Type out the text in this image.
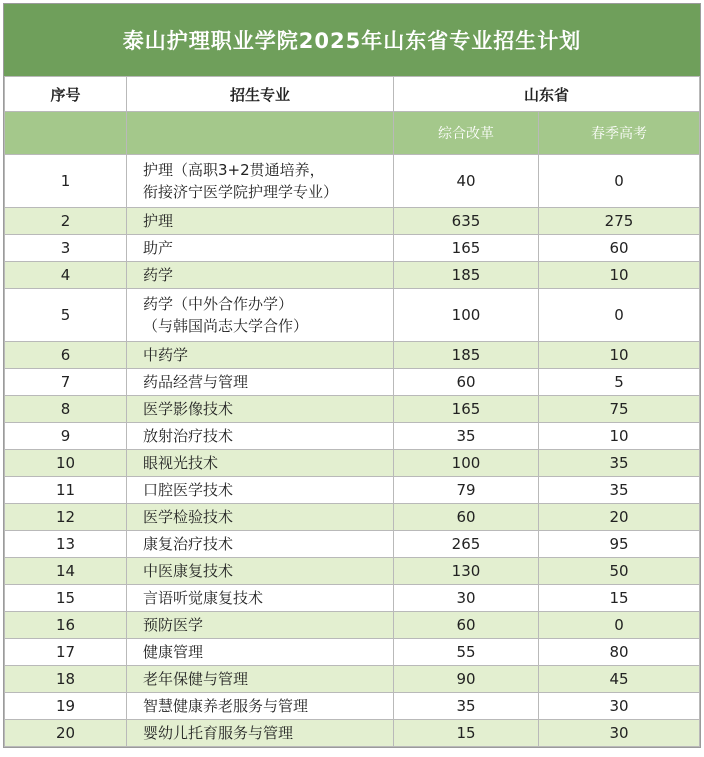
泰山护理职业学院2025年山东省专业招生计划
序号	招生专业	山东省	
		综合改革	春季高考
1	护理（高职3+2贯通培养，
衔接济宁医学院护理学专业）	40	0
2	护理	635	275
3	助产	165	60
4	药学	185	10
5	药学（中外合作办学）
（与韩国尚志大学合作）	100	0
6	中药学	185	10
7	药品经营与管理	60	5
8	医学影像技术	165	75
9	放射治疗技术	35	10
10	眼视光技术	100	35
11	口腔医学技术	79	35
12	医学检验技术	60	20
13	康复治疗技术	265	95
14	中医康复技术	130	50
15	言语听觉康复技术	30	15
16	预防医学	60	0
17	健康管理	55	80
18	老年保健与管理	90	45
19	智慧健康养老服务与管理	35	30
20	婴幼儿托育服务与管理	15	30
